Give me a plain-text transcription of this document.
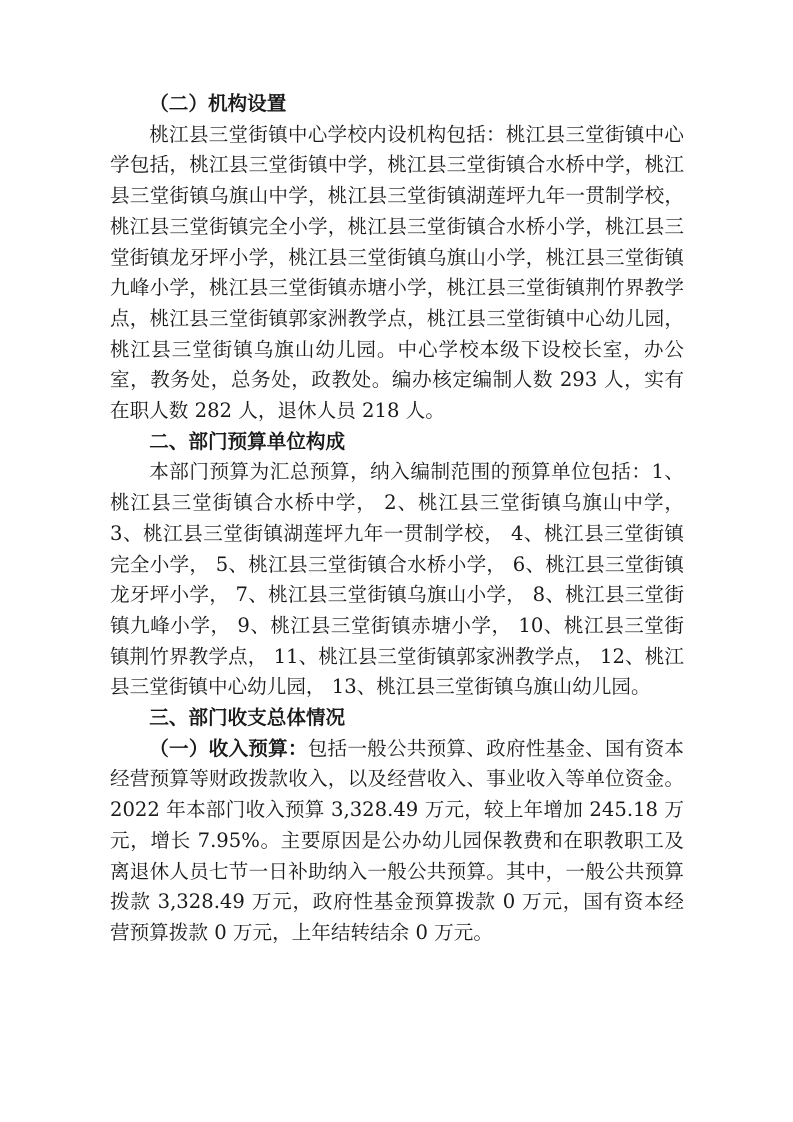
（二）机构设置

桃江县三堂街镇中心学校内设机构包括：桃江县三堂街镇中心学包括，桃江县三堂街镇中学，桃江县三堂街镇合水桥中学，桃江县三堂街镇乌旗山中学，桃江县三堂街镇湖莲坪九年一贯制学校，桃江县三堂街镇完全小学，桃江县三堂街镇合水桥小学，桃江县三堂街镇龙牙坪小学，桃江县三堂街镇乌旗山小学，桃江县三堂街镇九峰小学，桃江县三堂街镇赤塘小学，桃江县三堂街镇荆竹界教学点，桃江县三堂街镇郭家洲教学点，桃江县三堂街镇中心幼儿园，桃江县三堂街镇乌旗山幼儿园。中心学校本级下设校长室，办公室，教务处，总务处，政教处。编办核定编制人数 293 人，实有在职人数 282 人，退休人员 218 人。

二、部门预算单位构成

本部门预算为汇总预算，纳入编制范围的预算单位包括：1、桃江县三堂街镇合水桥中学， 2、桃江县三堂街镇乌旗山中学， 3、桃江县三堂街镇湖莲坪九年一贯制学校， 4、桃江县三堂街镇完全小学， 5、桃江县三堂街镇合水桥小学， 6、桃江县三堂街镇龙牙坪小学， 7、桃江县三堂街镇乌旗山小学， 8、桃江县三堂街镇九峰小学， 9、桃江县三堂街镇赤塘小学， 10、桃江县三堂街镇荆竹界教学点， 11、桃江县三堂街镇郭家洲教学点， 12、桃江县三堂街镇中心幼儿园， 13、桃江县三堂街镇乌旗山幼儿园。

三、部门收支总体情况

（一）收入预算：包括一般公共预算、政府性基金、国有资本经营预算等财政拨款收入，以及经营收入、事业收入等单位资金。2022 年本部门收入预算 3,328.49 万元，较上年增加 245.18 万元，增长 7.95%。主要原因是公办幼儿园保教费和在职教职工及离退休人员七节一日补助纳入一般公共预算。其中，一般公共预算拨款 3,328.49 万元，政府性基金预算拨款 0 万元，国有资本经营预算拨款 0 万元，上年结转结余 0 万元。
